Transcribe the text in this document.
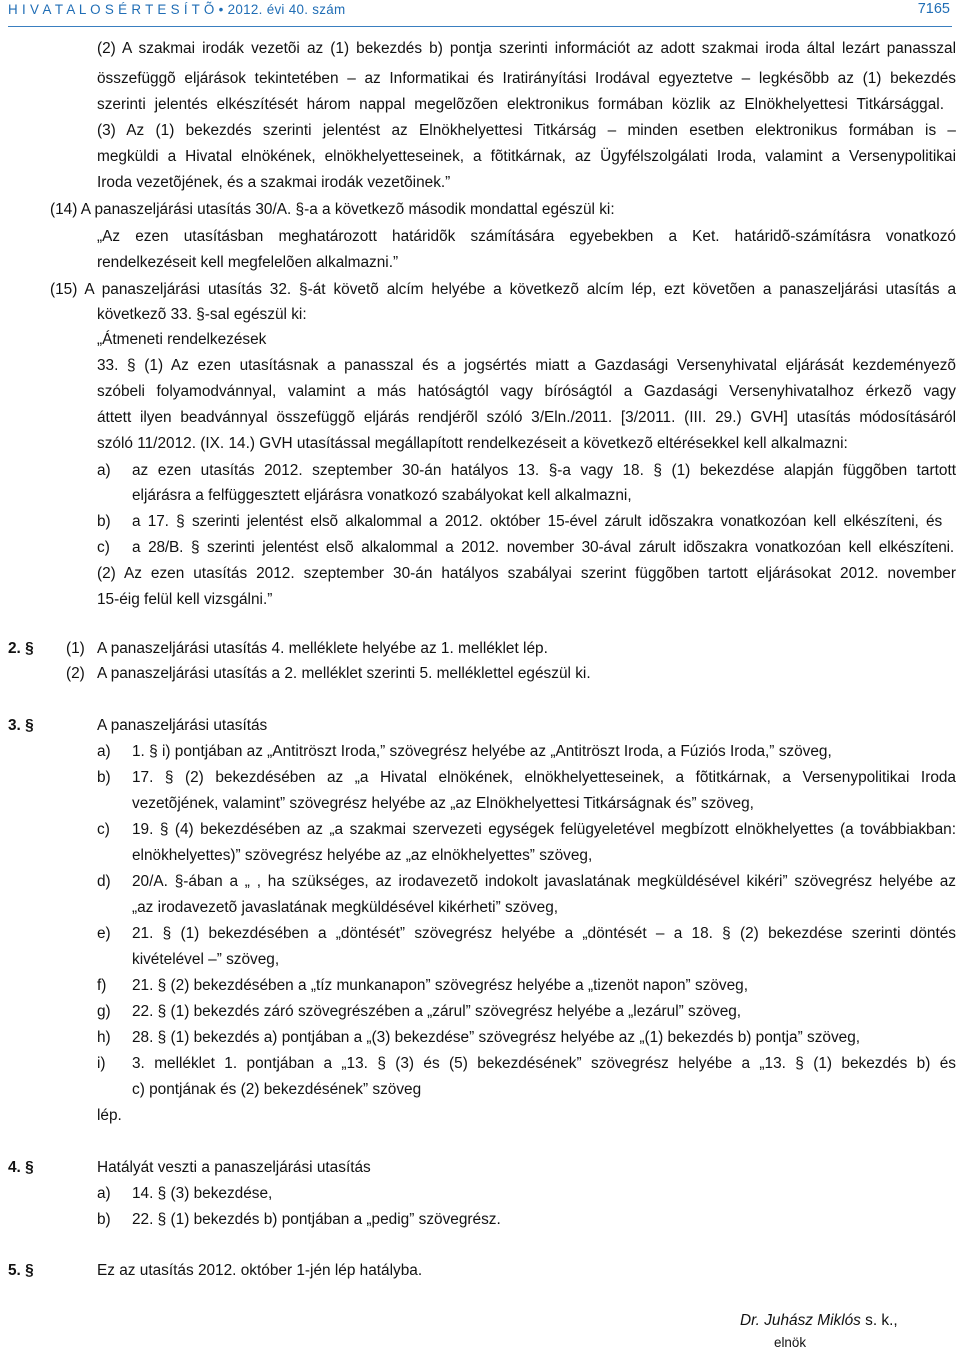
H I V A T A L O S É R T E S Í T Õ • 2012. évi 40. szám	7165
(2) A szakmai irodák vezetõi az (1) bekezdés b) pontja szerinti információt az adott szakmai iroda által lezárt panasszal
összefüggõ eljárások tekintetében – az Informatikai és Iratirányítási Irodával egyeztetve – legkésõbb az (1) bekezdés
szerinti jelentés elkészítését három nappal megelõzõen elektronikus formában közlik az Elnökhelyettesi Titkársággal.
(3) Az (1) bekezdés szerinti jelentést az Elnökhelyettesi Titkárság – minden esetben elektronikus formában is –
megküldi a Hivatal elnökének, elnökhelyetteseinek, a fõtitkárnak, az Ügyfélszolgálati Iroda, valamint a Versenypolitikai
Iroda vezetõjének, és a szakmai irodák vezetõinek.”
(14) A panaszeljárási utasítás 30/A. §-a a következõ második mondattal egészül ki:
„Az ezen utasításban meghatározott határidõk számítására egyebekben a Ket. határidõ-számításra vonatkozó
rendelkezéseit kell megfelelõen alkalmazni.”
(15) A panaszeljárási utasítás 32. §-át követõ alcím helyébe a következõ alcím lép, ezt követõen a panaszeljárási utasítás a
következõ 33. §-sal egészül ki:
„Átmeneti rendelkezések
33. § (1) Az ezen utasításnak a panasszal és a jogsértés miatt a Gazdasági Versenyhivatal eljárását kezdeményezõ
szóbeli folyamodvánnyal, valamint a más hatóságtól vagy bíróságtól a Gazdasági Versenyhivatalhoz érkezõ vagy
áttett ilyen beadvánnyal összefüggõ eljárás rendjérõl szóló 3/Eln./2011. [3/2011. (III. 29.) GVH] utasítás módosításáról
szóló 11/2012. (IX. 14.) GVH utasítással megállapított rendelkezéseit a következõ eltérésekkel kell alkalmazni:
a) az ezen utasítás 2012. szeptember 30-án hatályos 13. §-a vagy 18. § (1) bekezdése alapján függõben tartott
eljárásra a felfüggesztett eljárásra vonatkozó szabályokat kell alkalmazni,
b) a 17. § szerinti jelentést elsõ alkalommal a 2012. október 15-ével zárult idõszakra vonatkozóan kell elkészíteni, és
c) a 28/B. § szerinti jelentést elsõ alkalommal a 2012. november 30-ával zárult idõszakra vonatkozóan kell elkészíteni.
(2) Az ezen utasítás 2012. szeptember 30-án hatályos szabályai szerint függõben tartott eljárásokat 2012. november
15-éig felül kell vizsgálni.”
2. § (1) A panaszeljárási utasítás 4. melléklete helyébe az 1. melléklet lép.
(2) A panaszeljárási utasítás a 2. melléklet szerinti 5. melléklettel egészül ki.
3. §	A panaszeljárási utasítás
a) 1. § i) pontjában az „Antitröszt Iroda,” szövegrész helyébe az „Antitröszt Iroda, a Fúziós Iroda,” szöveg,
b) 17. § (2) bekezdésében az „a Hivatal elnökének, elnökhelyetteseinek, a fõtitkárnak, a Versenypolitikai Iroda
vezetõjének, valamint” szövegrész helyébe az „az Elnökhelyettesi Titkárságnak és” szöveg,
c) 19. § (4) bekezdésében az „a szakmai szervezeti egységek felügyeletével megbízott elnökhelyettes (a továbbiakban:
elnökhelyettes)” szövegrész helyébe az „az elnökhelyettes” szöveg,
d) 20/A. §-ában a „ , ha szükséges, az irodavezetõ indokolt javaslatának megküldésével kikéri” szövegrész helyébe az
„az irodavezetõ javaslatának megküldésével kikérheti” szöveg,
e) 21. § (1) bekezdésében a „döntését” szövegrész helyébe a „döntését – a 18. § (2) bekezdése szerinti döntés
kivételével –” szöveg,
f) 21. § (2) bekezdésében a „tíz munkanapon” szövegrész helyébe a „tizenöt napon” szöveg,
g) 22. § (1) bekezdés záró szövegrészében a „zárul” szövegrész helyébe a „lezárul” szöveg,
h) 28. § (1) bekezdés a) pontjában a „(3) bekezdése” szövegrész helyébe az „(1) bekezdés b) pontja” szöveg,
i) 3. melléklet 1. pontjában a „13. § (3) és (5) bekezdésének” szövegrész helyébe a „13. § (1) bekezdés b) és
c) pontjának és (2) bekezdésének” szöveg
lép.
4. §	Hatályát veszti a panaszeljárási utasítás
a) 14. § (3) bekezdése,
b) 22. § (1) bekezdés b) pontjában a „pedig” szövegrész.
5. §	Ez az utasítás 2012. október 1-jén lép hatályba.
Dr. Juhász Miklós s. k.,
elnök
